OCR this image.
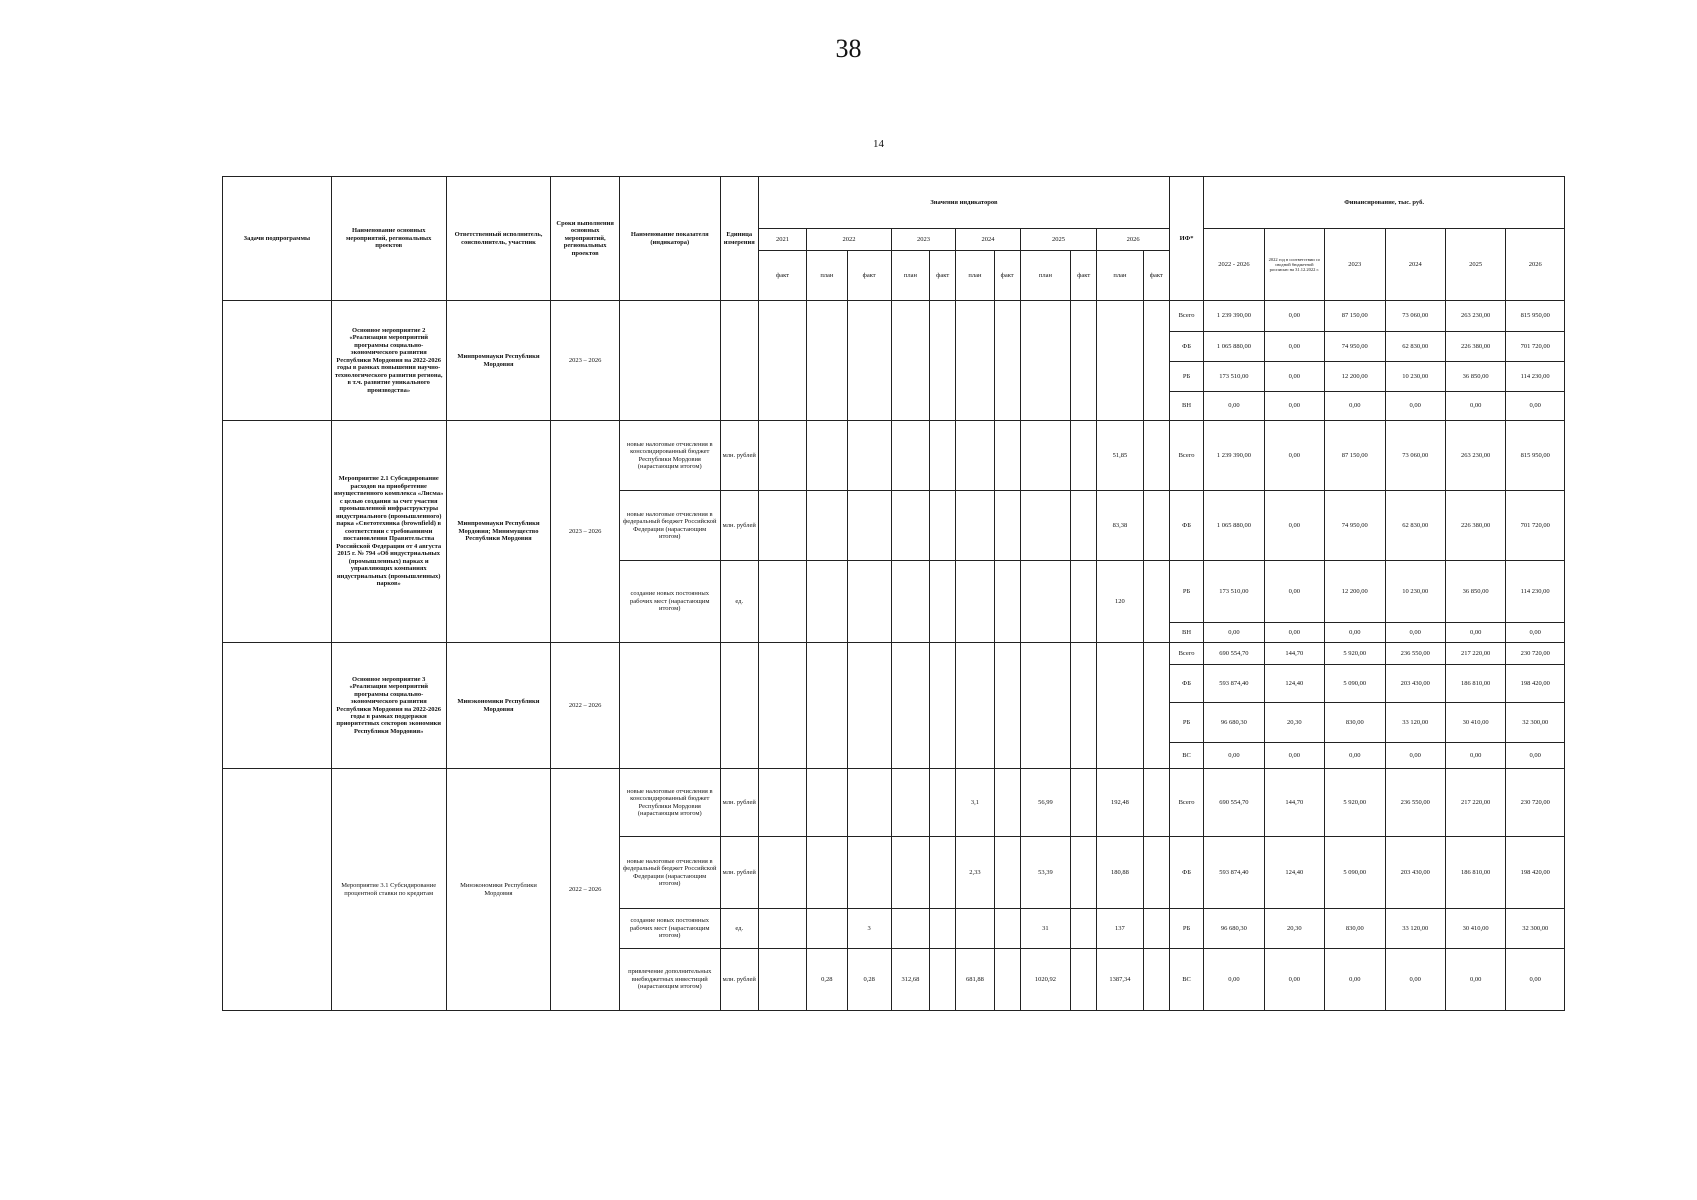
38
14
Задачи подпрограммы	Наименование основных мероприятий, региональных проектов	Ответственный исполнитель, соисполнитель, участник	Сроки выполнения основных мероприятий, региональных проектов	Наименование показателя (индикатора)	Единица измерения	Значения индикаторов											ИФ*	Финансирование, тыс. руб.					
						2021	2022		2023		2024		2025		2026			2022 - 2026	2022 год в соответствии со сводной бюджетной росписью на 31.12.2022 г.	2023	2024	2025	2026
						факт	план	факт	план	факт	план	факт	план	факт	план	факт							
	Основное мероприятие 2 «Реализация мероприятий программы социально-экономического развития Республики Мордовия на 2022-2026 годы в рамках повышения научно-технологического развития региона, в т.ч. развитие уникального производства»	Минпромнауки Республики Мордовия	2023 – 2026														Всего	1 239 390,00	0,00	87 150,00	73 060,00	263 230,00	815 950,00
																	ФБ	1 065 880,00	0,00	74 950,00	62 830,00	226 380,00	701 720,00
																	РБ	173 510,00	0,00	12 200,00	10 230,00	36 850,00	114 230,00
																	ВН	0,00	0,00	0,00	0,00	0,00	0,00
	Мероприятие 2.1 Субсидирование расходов на приобретение имущественного комплекса «Лисма» с целью создания за счет участия промышленной инфраструктуры индустриального (промышленного) парка «Светотехника (brownfield) в соответствии с требованиями постановления Правительства Российской Федерации от 4 августа 2015 г. № 794 «Об индустриальных (промышленных) парках и управляющих компаниях индустриальных (промышленных) парков»	Минпромнауки Республики Мордовия; Минимущество Республики Мордовия	2023 – 2026	новые налоговые отчисления в консолидированный бюджет Республики Мордовия (нарастающим итогом)	млн. рублей										51,85		Всего	1 239 390,00	0,00	87 150,00	73 060,00	263 230,00	815 950,00
				новые налоговые отчисления в федеральный бюджет Российской Федерации (нарастающим итогом)	млн. рублей										83,38		ФБ	1 065 880,00	0,00	74 950,00	62 830,00	226 380,00	701 720,00
				создание новых постоянных рабочих мест (нарастающим итогом)	ед.										120		РБ	173 510,00	0,00	12 200,00	10 230,00	36 850,00	114 230,00
																	ВН	0,00	0,00	0,00	0,00	0,00	0,00
	Основное мероприятие 3 «Реализация мероприятий программы социально-экономического развития Республики Мордовия на 2022-2026 годы в рамках поддержки приоритетных секторов экономики Республики Мордовия»	Минэкономики Республики Мордовия	2022 – 2026														Всего	690 554,70	144,70	5 920,00	236 550,00	217 220,00	230 720,00
																	ФБ	593 874,40	124,40	5 090,00	203 430,00	186 810,00	198 420,00
																	РБ	96 680,30	20,30	830,00	33 120,00	30 410,00	32 300,00
																	ВС	0,00	0,00	0,00	0,00	0,00	0,00
	Мероприятие 3.1 Субсидирование процентной ставки по кредитам	Минэкономики Республики Мордовия	2022 – 2026	новые налоговые отчисления в консолидированный бюджет Республики Мордовия (нарастающим итогом)	млн. рублей						3,1		56,99		192,48		Всего	690 554,70	144,70	5 920,00	236 550,00	217 220,00	230 720,00
				новые налоговые отчисления в федеральный бюджет Российской Федерации (нарастающим итогом)	млн. рублей						2,33		53,39		180,88		ФБ	593 874,40	124,40	5 090,00	203 430,00	186 810,00	198 420,00
				создание новых постоянных рабочих мест (нарастающим итогом)	ед.			3					31		137		РБ	96 680,30	20,30	830,00	33 120,00	30 410,00	32 300,00
				привлечение дополнительных внебюджетных инвестиций (нарастающим итогом)	млн. рублей		0,28	0,28	312,68		681,88		1020,92		1387,34		ВС	0,00	0,00	0,00	0,00	0,00	0,00
